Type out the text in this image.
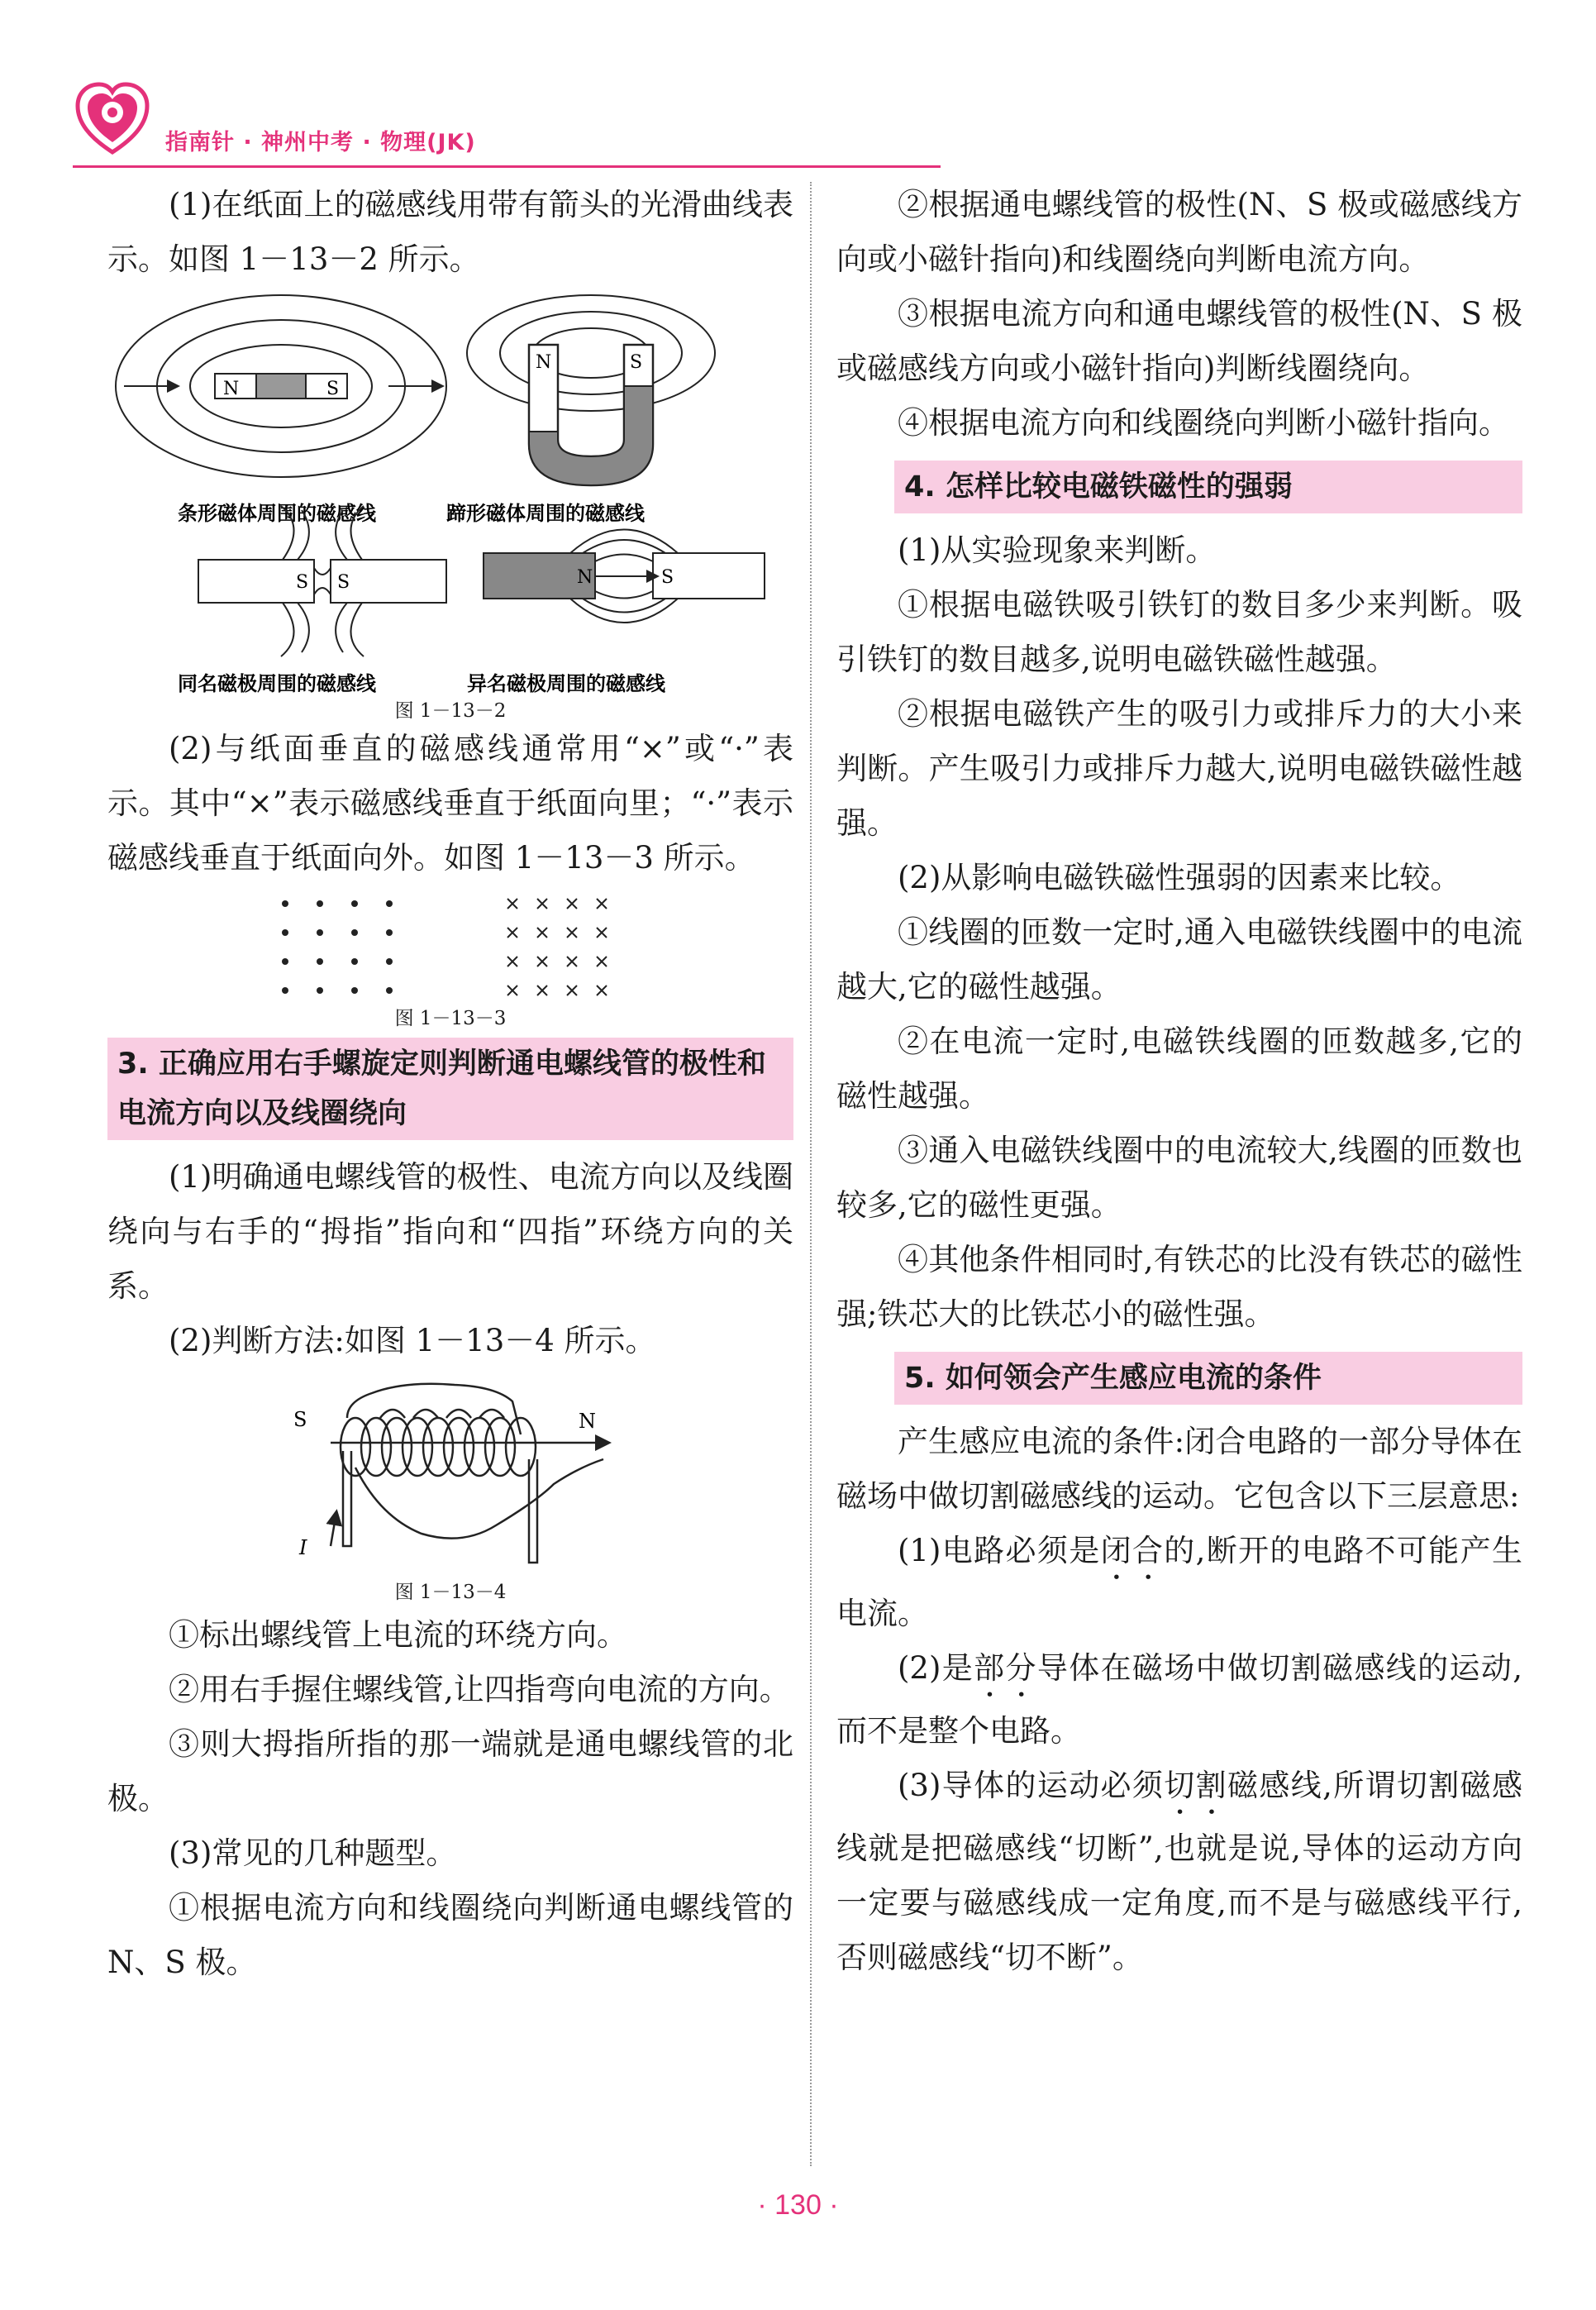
指南针 · 神州中考 · 物理(JK)

(1)在纸面上的磁感线用带有箭头的光滑曲线表示。如图 1－13－2 所示。

N	S
N	S
条形磁体周围的磁感线	蹄形磁体周围的磁感线
S S	N	S
同名磁极周围的磁感线	异名磁极周围的磁感线
图 1－13－2

(2)与纸面垂直的磁感线通常用“×”或“·”表示。其中“×”表示磁感线垂直于纸面向里；“·”表示磁感线垂直于纸面向外。如图 1－13－3 所示。

图 1－13－3
3. 正确应用右手螺旋定则判断通电螺线管的极性和电流方向以及线圈绕向

(1)明确通电螺线管的极性、电流方向以及线圈绕向与右手的“拇指”指向和“四指”环绕方向的关系。

(2)判断方法:如图 1－13－4 所示。

S	N
I
图 1－13－4

①标出螺线管上电流的环绕方向。

②用右手握住螺线管,让四指弯向电流的方向。

③则大拇指所指的那一端就是通电螺线管的北极。

(3)常见的几种题型。

①根据电流方向和线圈绕向判断通电螺线管的 N、S 极。

②根据通电螺线管的极性(N、S 极或磁感线方向或小磁针指向)和线圈绕向判断电流方向。

③根据电流方向和通电螺线管的极性(N、S 极或磁感线方向或小磁针指向)判断线圈绕向。

④根据电流方向和线圈绕向判断小磁针指向。

4. 怎样比较电磁铁磁性的强弱

(1)从实验现象来判断。

①根据电磁铁吸引铁钉的数目多少来判断。吸引铁钉的数目越多,说明电磁铁磁性越强。

②根据电磁铁产生的吸引力或排斥力的大小来判断。产生吸引力或排斥力越大,说明电磁铁磁性越强。

(2)从影响电磁铁磁性强弱的因素来比较。

①线圈的匝数一定时,通入电磁铁线圈中的电流越大,它的磁性越强。

②在电流一定时,电磁铁线圈的匝数越多,它的磁性越强。

③通入电磁铁线圈中的电流较大,线圈的匝数也较多,它的磁性更强。

④其他条件相同时,有铁芯的比没有铁芯的磁性强;铁芯大的比铁芯小的磁性强。

5. 如何领会产生感应电流的条件

产生感应电流的条件:闭合电路的一部分导体在磁场中做切割磁感线的运动。它包含以下三层意思:

(1)电路必须是闭合的,断开的电路不可能产生电流。

(2)是部分导体在磁场中做切割磁感线的运动,而不是整个电路。

(3)导体的运动必须切割磁感线,所谓切割磁感线就是把磁感线“切断”,也就是说,导体的运动方向一定要与磁感线成一定角度,而不是与磁感线平行,否则磁感线“切不断”。

· 130 ·
